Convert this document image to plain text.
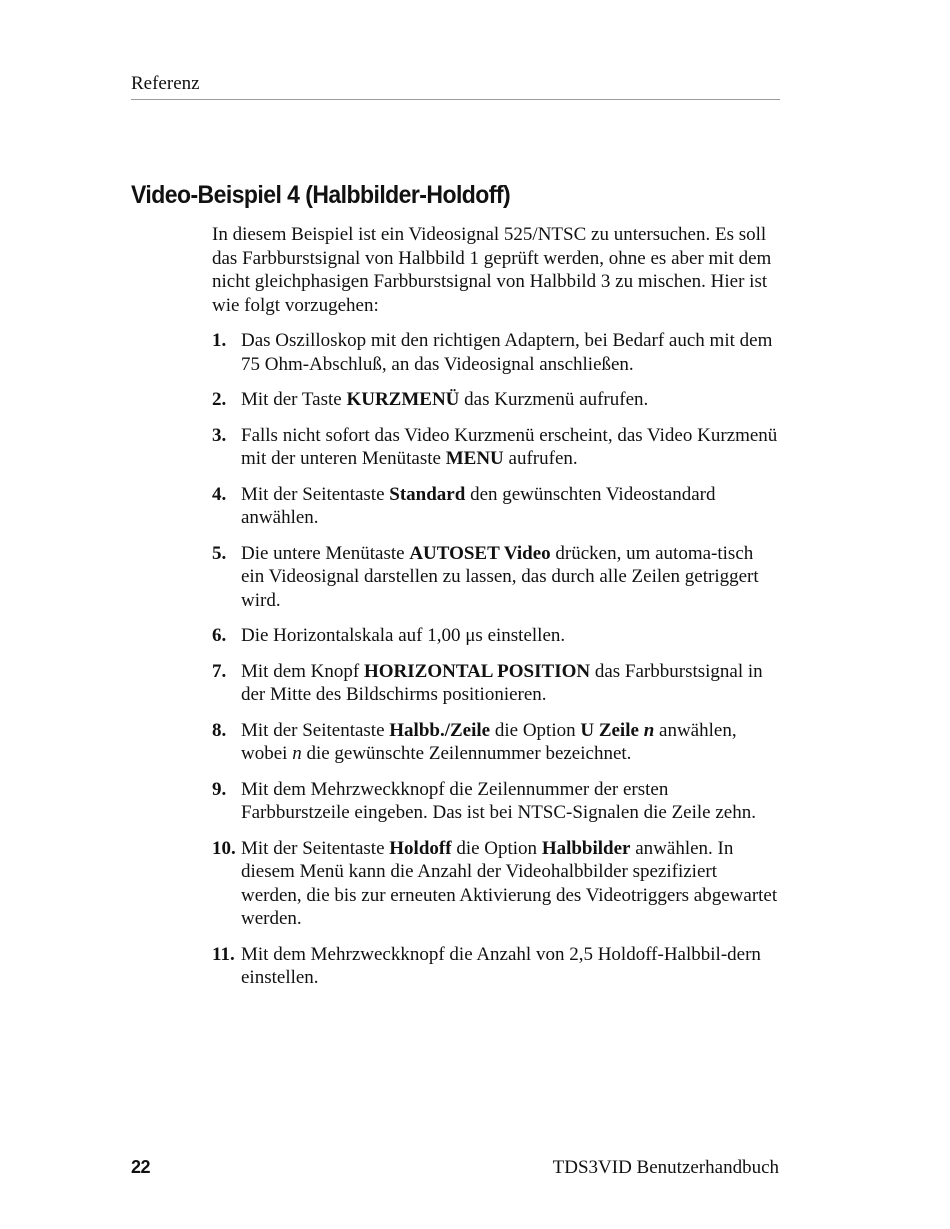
Referenz
Video-Beispiel 4 (Halbbilder-Holdoff)

In diesem Beispiel ist ein Videosignal 525/NTSC zu untersuchen. Es soll das Farbburstsignal von Halbbild 1 geprüft werden, ohne es aber mit dem nicht gleichphasigen Farbburstsignal von Halbbild 3 zu mischen. Hier ist wie folgt vorzugehen:

1. Das Oszilloskop mit den richtigen Adaptern, bei Bedarf auch mit dem 75 Ohm-Abschluß, an das Videosignal anschließen.
2. Mit der Taste KURZMENÜ das Kurzmenü aufrufen.
3. Falls nicht sofort das Video Kurzmenü erscheint, das Video Kurzmenü mit der unteren Menütaste MENU aufrufen.
4. Mit der Seitentaste Standard den gewünschten Videostandard anwählen.
5. Die untere Menütaste AUTOSET Video drücken, um automa-tisch ein Videosignal darstellen zu lassen, das durch alle Zeilen getriggert wird.
6. Die Horizontalskala auf 1,00 μs einstellen.
7. Mit dem Knopf HORIZONTAL POSITION das Farbburstsignal in der Mitte des Bildschirms positionieren.
8. Mit der Seitentaste Halbb./Zeile die Option U Zeile n anwählen, wobei n die gewünschte Zeilennummer bezeichnet.
9. Mit dem Mehrzweckknopf die Zeilennummer der ersten Farbburstzeile eingeben. Das ist bei NTSC-Signalen die Zeile zehn.
10. Mit der Seitentaste Holdoff die Option Halbbilder anwählen. In diesem Menü kann die Anzahl der Videohalbbilder spezifiziert werden, die bis zur erneuten Aktivierung des Videotriggers abgewartet werden.
11. Mit dem Mehrzweckknopf die Anzahl von 2,5 Holdoff-Halbbil-dern einstellen.
22	TDS3VID Benutzerhandbuch
